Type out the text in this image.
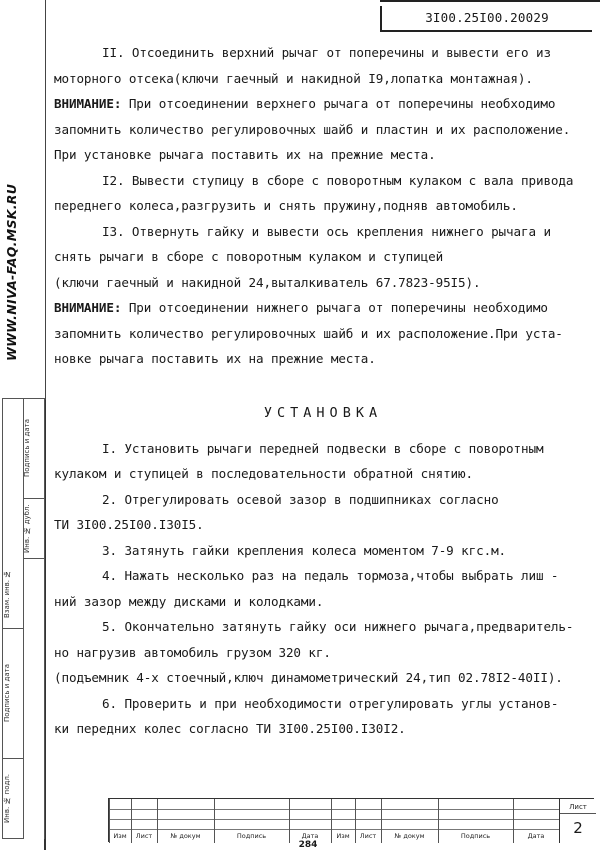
3I00.25I00.20029
WWW.NIVA-FAQ.MSK.RU
Инв. № подл.
Подпись и дата
Взам. инв. №
Инв. № дубл.
Подпись и дата

II. Отсоединить верхний рычаг от поперечины и вывести его из
моторного отсека(ключи гаечный и накидной I9,лопатка монтажная).

ВНИМАНИЕ: При отсоединении верхнего рычага от поперечины необходимо
запомнить количество регулировочных шайб и пластин и их расположение.
При установке рычага поставить их на прежние места.

I2. Вывести ступицу в сборе с поворотным кулаком с вала привода
переднего колеса,разгрузить и снять пружину,подняв автомобиль.

I3. Отвернуть гайку и вывести ось крепления нижнего рычага и
снять рычаги в сборе с поворотным кулаком и ступицей
(ключи гаечный и накидной 24,выталкиватель 67.7823-95I5).

ВНИМАНИЕ: При отсоединении нижнего рычага от поперечины необходимо
запомнить количество регулировочных шайб и их расположение.При уста-
новке рычага поставить их на прежние места.

УСТАНОВКА

I. Установить рычаги передней подвески в сборе с поворотным
кулаком и ступицей в последовательности обратной снятию.

2. Отрегулировать осевой зазор в подшипниках согласно
ТИ 3I00.25I00.I30I5.

3. Затянуть гайки крепления колеса моментом 7-9 кгс.м.

4. Нажать несколько раз на педаль тормоза,чтобы выбрать лиш -
ний зазор между дисками и колодками.

5. Окончательно затянуть гайку оси нижнего рычага,предваритель-
но нагрузив автомобиль грузом 320 кг.
(подъемник 4-х стоечный,ключ динамометрический 24,тип 02.78I2-40II).

6. Проверить и при необходимости отрегулировать углы установ-
ки передних колес согласно ТИ 3I00.25I00.I30I2.

Изм	Лист	№ докум	Подпись	Дата	Изм	Лист	№ докум	Подпись	Дата
Лист
2
284
